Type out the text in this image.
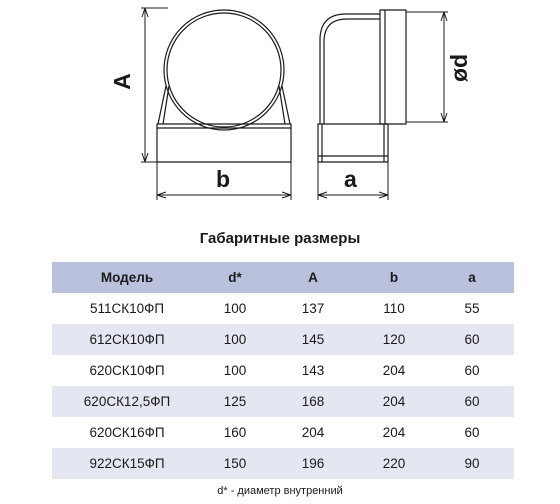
A
b	a
ød
Габаритные размеры
Модель	d*	A	b	a
511СК10ФП	100	137	110	55
612СК10ФП	100	145	120	60
620СК10ФП	100	143	204	60
620СК12,5ФП	125	168	204	60
620СК16ФП	160	204	204	60
922СК15ФП	150	196	220	90
d* - диаметр внутренний
